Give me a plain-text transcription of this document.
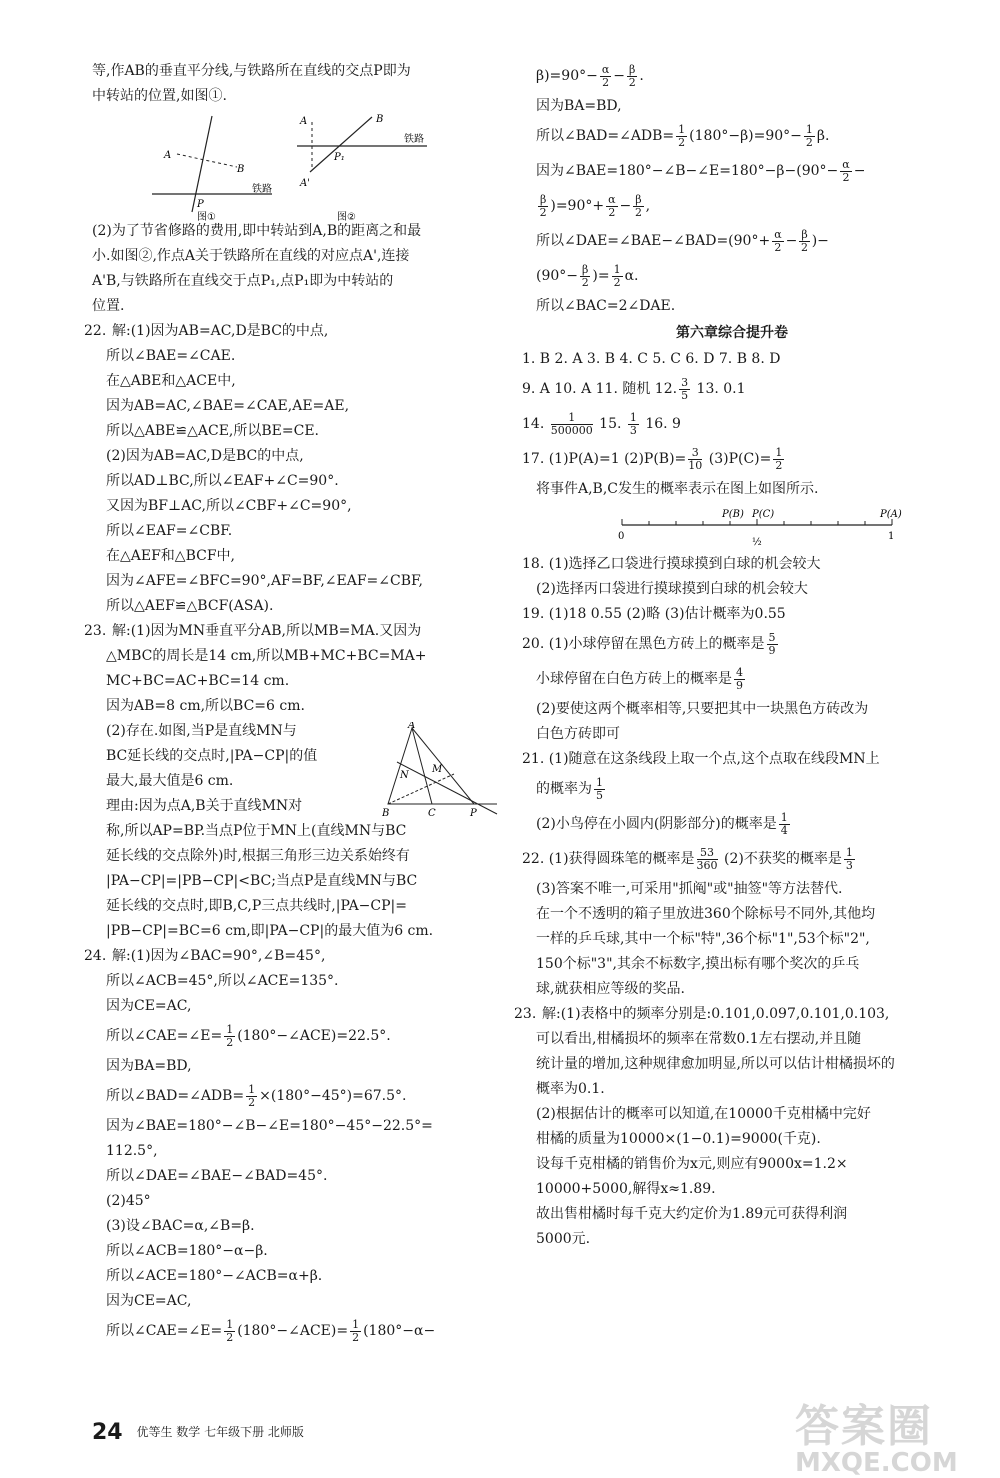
等,作AB的垂直平分线,与铁路所在直线的交点P即为

中转站的位置,如图①.

A
B
P
铁路
图①
A	B
A'
P₁
铁路
图②

(2)为了节省修路的费用,即中转站到A,B的距离之和最

小.如图②,作点A关于铁路所在直线的对应点A',连接

A'B,与铁路所在直线交于点P₁,点P₁即为中转站的

位置.

22. 解:(1)因为AB=AC,D是BC的中点,

所以∠BAE=∠CAE.

在△ABE和△ACE中,

因为AB=AC,∠BAE=∠CAE,AE=AE,

所以△ABE≌△ACE,所以BE=CE.

(2)因为AB=AC,D是BC的中点,

所以AD⊥BC,所以∠EAF+∠C=90°.

又因为BF⊥AC,所以∠CBF+∠C=90°,

所以∠EAF=∠CBF.

在△AEF和△BCF中,

因为∠AFE=∠BFC=90°,AF=BF,∠EAF=∠CBF,

所以△AEF≌△BCF(ASA).

23. 解:(1)因为MN垂直平分AB,所以MB=MA.又因为

△MBC的周长是14 cm,所以MB+MC+BC=MA+

MC+BC=AC+BC=14 cm.

因为AB=8 cm,所以BC=6 cm.

(2)存在.如图,当P是直线MN与

BC延长线的交点时,|PA−CP|的值

最大,最大值是6 cm.

理由:因为点A,B关于直线MN对

称,所以AP=BP.当点P位于MN上(直线MN与BC

延长线的交点除外)时,根据三角形三边关系始终有

|PA−CP|=|PB−CP|<BC;当点P是直线MN与BC

延长线的交点时,即B,C,P三点共线时,|PA−CP|=

|PB−CP|=BC=6 cm,即|PA−CP|的最大值为6 cm.

A
B	C	P
M
N

24. 解:(1)因为∠BAC=90°,∠B=45°,

所以∠ACB=45°,所以∠ACE=135°.

因为CE=AC,

所以∠CAE=∠E= $\frac{1}{2}$ (180°−∠ACE)=22.5°.

因为BA=BD,

所以∠BAD=∠ADB= $\frac{1}{2} \times(180^\circ-45^\circ)=67.5^\circ$.

因为∠BAE=180°−∠B−∠E=180°−45°−22.5°=

112.5°,

所以∠DAE=∠BAE−∠BAD=45°.

(2)45°

(3)设∠BAC=α,∠B=β.

所以∠ACB=180°−α−β.

所以∠ACE=180°−∠ACB=α+β.

因为CE=AC,

所以∠CAE=∠E= $\frac{1}{2}$ (180°−∠ACE)= $\frac{1}{2} (180^\circ-\alpha-$

$\beta)=90^\circ- \frac{\alpha}{2} - \frac{\beta}{2}$ .

因为BA=BD,

所以∠BAD=∠ADB= $\frac{1}{2} (180^\circ-\beta)=90^\circ- \frac{1}{2} \beta$.

因为∠BAE=180°−∠B−∠E=180°−β−(90°− $\frac{\alpha}{2}$ −

$\frac{\beta}{2} )=90^\circ+ \frac{\alpha}{2} - \frac{\beta}{2}$ ,

所以∠DAE=∠BAE−∠BAD=(90°+ $\frac{\alpha}{2} - \frac{\beta}{2}$ )−

($90^\circ- \frac{\beta}{2}$ )= $\frac{1}{2} \alpha$.

所以∠BAC=2∠DAE.

第六章综合提升卷

1. B 2. A 3. B 4. C 5. C 6. D 7. B 8. D

9. A 10. A 11. 随机 12. $\frac{3}{5} 13$. 0.1

14. $\frac{1}{500000} 15$. $\frac{1}{3} 16$. 9

17. (1)P(A)=1 $(2)P(B)= \frac{3}{10} (3)P(C)= \frac{1}{2}$

将事件A,B,C发生的概率表示在图上如图所示.

P(B) P(C)	P(A)
0	1
½

18. (1)选择乙口袋进行摸球摸到白球的机会较大

(2)选择丙口袋进行摸球摸到白球的机会较大

19. (1)18 0.55 (2)略 (3)估计概率为0.55

20. (1)小球停留在黑色方砖上的概率是 $\frac{5}{9}$

小球停留在白色方砖上的概率是 $\frac{4}{9}$

(2)要使这两个概率相等,只要把其中一块黑色方砖改为

白色方砖即可

21. (1)随意在这条线段上取一个点,这个点取在线段MN上

的概率为 $\frac{1}{5}$

(2)小鸟停在小圆内(阴影部分)的概率是 $\frac{1}{4}$

22. (1)获得圆珠笔的概率是 $\frac{53}{360} (2)$不获奖的概率是 $\frac{1}{3}$

(3)答案不唯一,可采用"抓阄"或"抽签"等方法替代.

在一个不透明的箱子里放进360个除标号不同外,其他均

一样的乒乓球,其中一个标"特",36个标"1",53个标"2",

150个标"3",其余不标数字,摸出标有哪个奖次的乒乓

球,就获相应等级的奖品.

23. 解:(1)表格中的频率分别是:0.101,0.097,0.101,0.103,

可以看出,柑橘损坏的频率在常数0.1左右摆动,并且随

统计量的增加,这种规律愈加明显,所以可以估计柑橘损坏的

概率为0.1.

(2)根据估计的概率可以知道,在10000千克柑橘中完好

柑橘的质量为10000×(1−0.1)=9000(千克).

设每千克柑橘的销售价为x元,则应有9000x=1.2×

10000+5000,解得x≈1.89.

故出售柑橘时每千克大约定价为1.89元可获得利润

5000元.

24 优等生 数学 七年级下册 北师版	答案圈
MXQE.COM
